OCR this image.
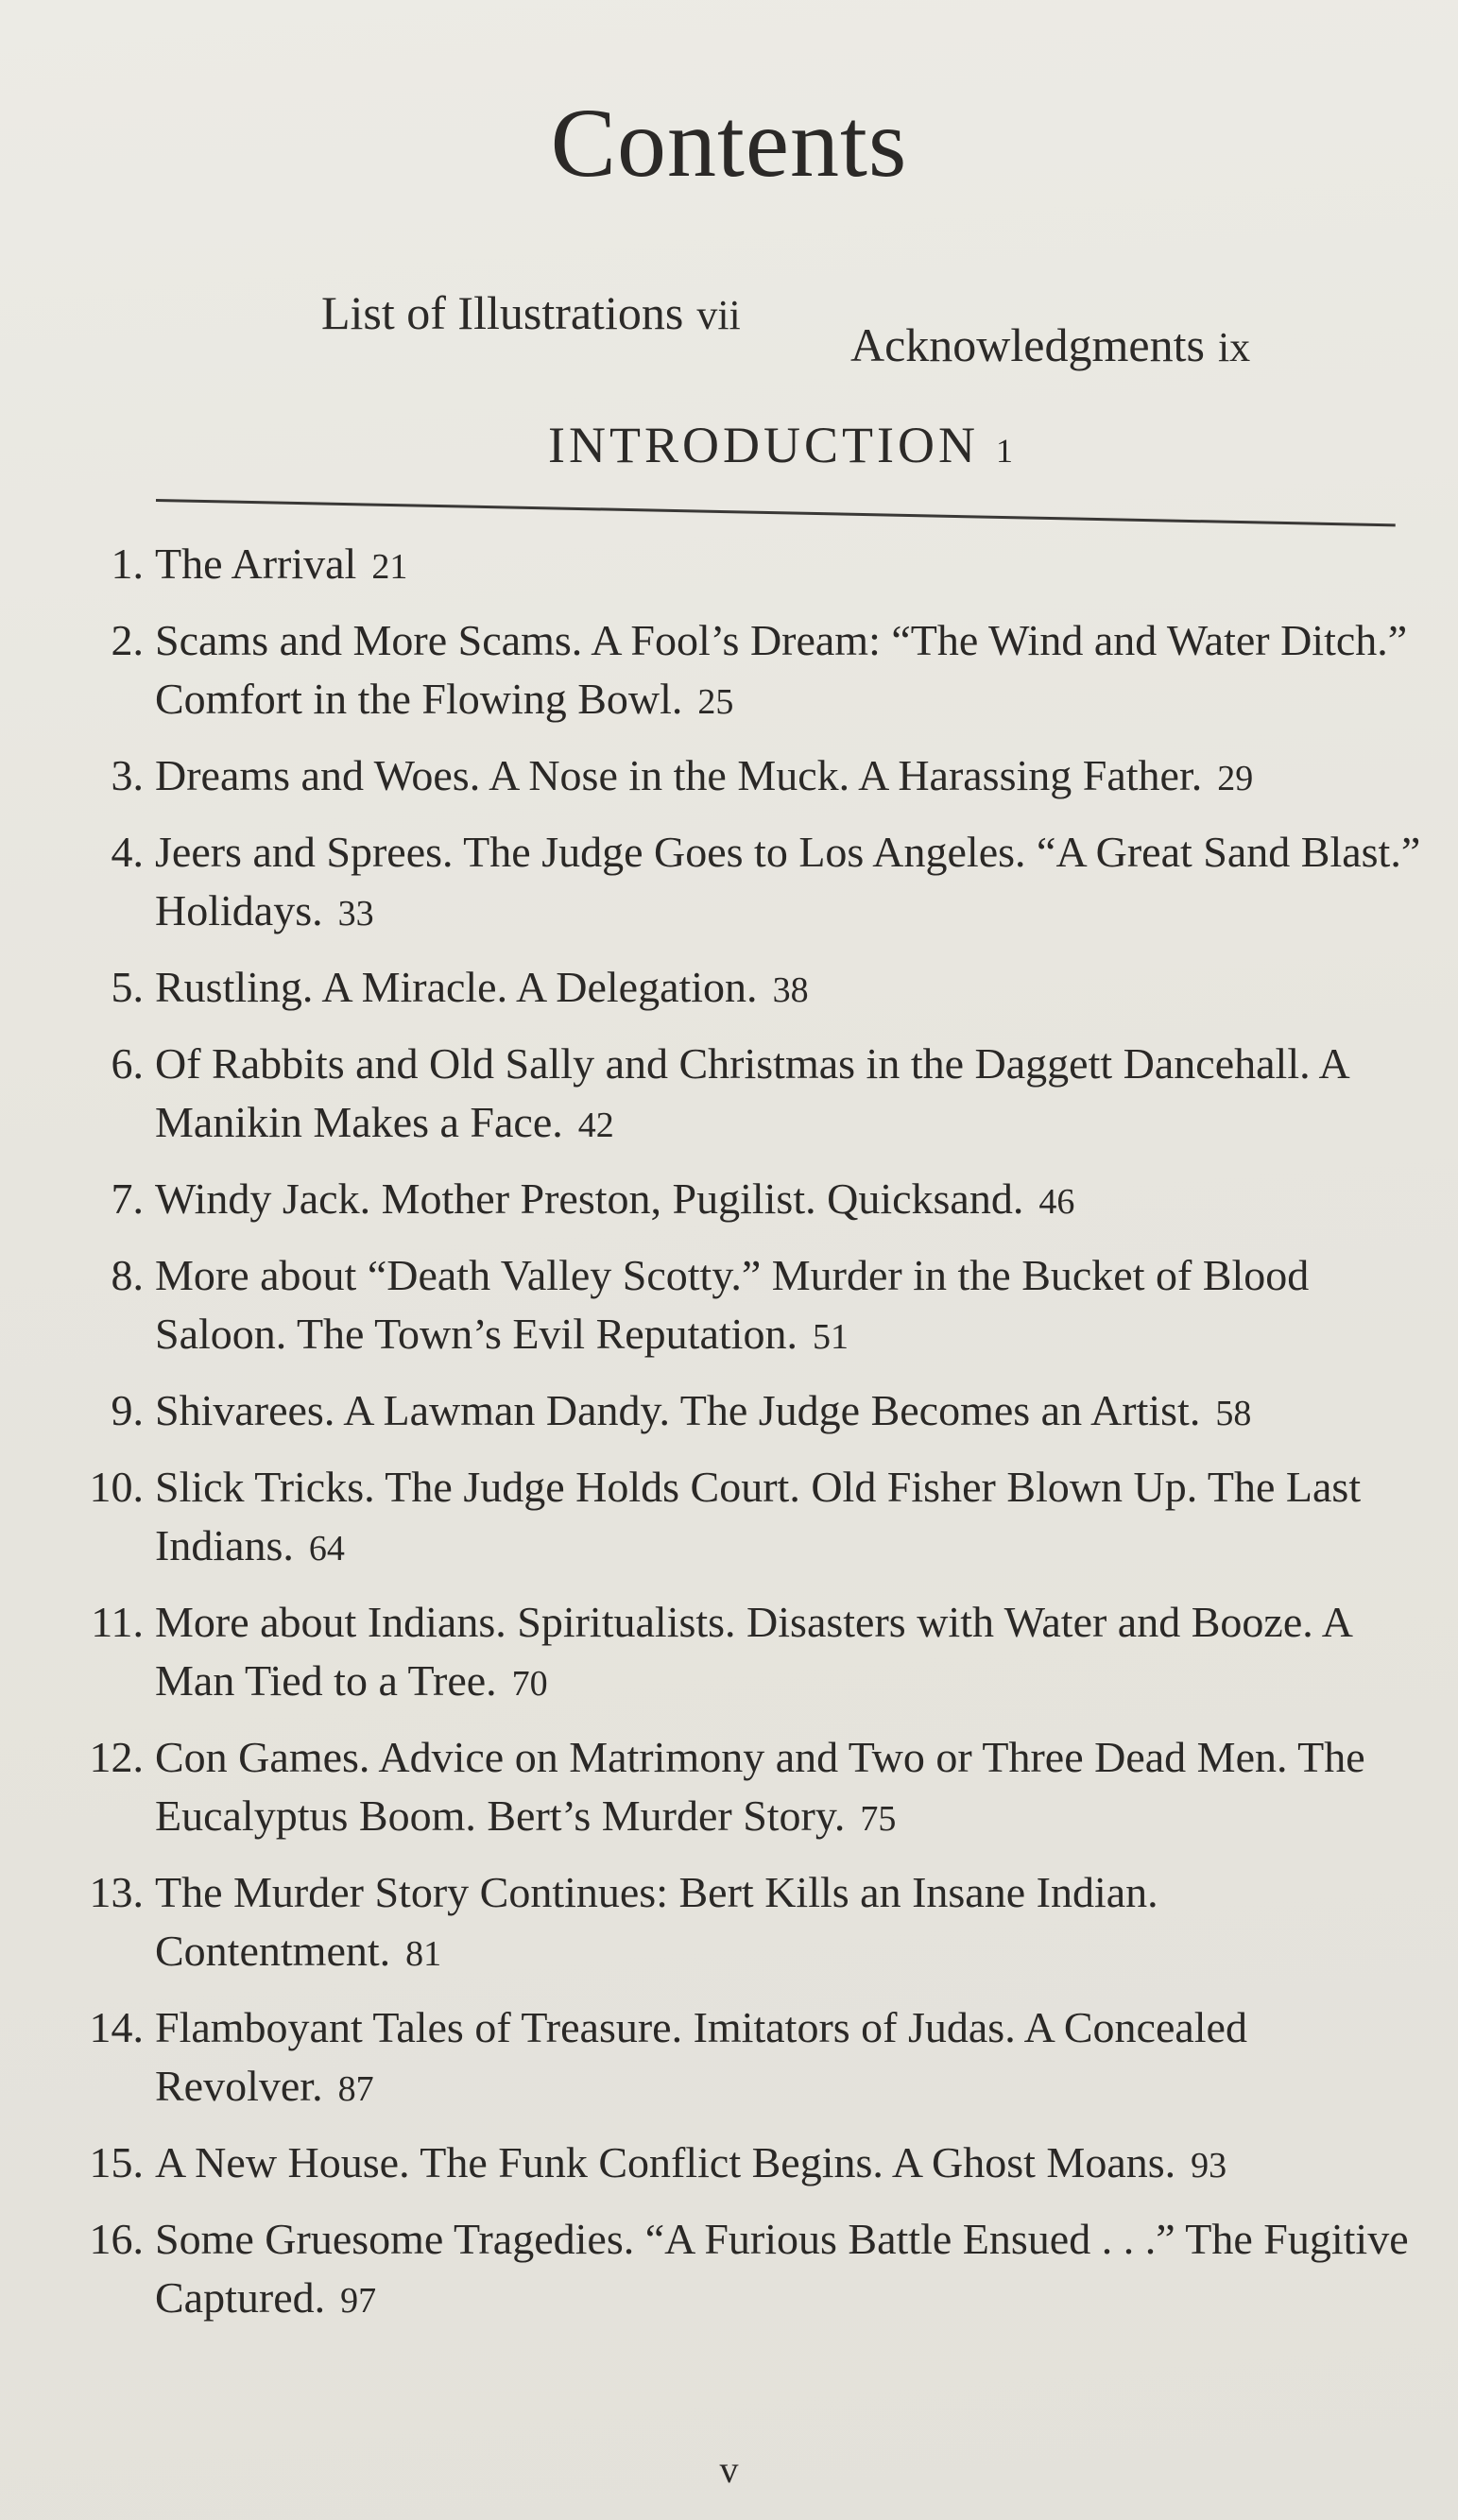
Contents
List of Illustrations vii
Acknowledgments ix
INTRODUCTION 1
1. The Arrival 21
2. Scams and More Scams. A Fool’s Dream: “The Wind and Water Ditch.” Comfort in the Flowing Bowl. 25
3. Dreams and Woes. A Nose in the Muck. A Harassing Father. 29
4. Jeers and Sprees. The Judge Goes to Los Angeles. “A Great Sand Blast.” Holidays. 33
5. Rustling. A Miracle. A Delegation. 38
6. Of Rabbits and Old Sally and Christmas in the Daggett Dancehall. A Manikin Makes a Face. 42
7. Windy Jack. Mother Preston, Pugilist. Quicksand. 46
8. More about “Death Valley Scotty.” Murder in the Bucket of Blood Saloon. The Town’s Evil Reputation. 51
9. Shivarees. A Lawman Dandy. The Judge Becomes an Artist. 58
10. Slick Tricks. The Judge Holds Court. Old Fisher Blown Up. The Last Indians. 64
11. More about Indians. Spiritualists. Disasters with Water and Booze. A Man Tied to a Tree. 70
12. Con Games. Advice on Matrimony and Two or Three Dead Men. The Eucalyptus Boom. Bert’s Murder Story. 75
13. The Murder Story Continues: Bert Kills an Insane Indian. Contentment. 81
14. Flamboyant Tales of Treasure. Imitators of Judas. A Concealed Revolver. 87
15. A New House. The Funk Conflict Begins. A Ghost Moans. 93
16. Some Gruesome Tragedies. “A Furious Battle Ensued . . .” The Fugitive Captured. 97
v
